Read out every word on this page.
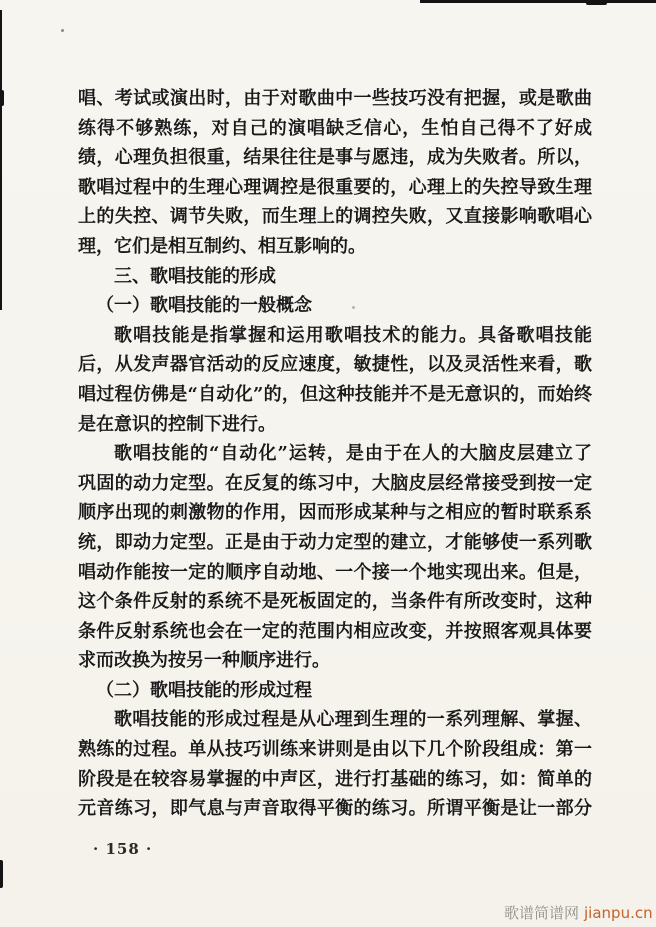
唱、考试或演出时，由于对歌曲中一些技巧没有把握，或是歌曲
练得不够熟练，对自己的演唱缺乏信心，生怕自己得不了好成
绩，心理负担很重，结果往往是事与愿违，成为失败者。所以，
歌唱过程中的生理心理调控是很重要的，心理上的失控导致生理
上的失控、调节失败，而生理上的调控失败，又直接影响歌唱心
理，它们是相互制约、相互影响的。
三、歌唱技能的形成
（一）歌唱技能的一般概念
歌唱技能是指掌握和运用歌唱技术的能力。具备歌唱技能
后，从发声器官活动的反应速度，敏捷性，以及灵活性来看，歌
唱过程仿佛是“自动化”的，但这种技能并不是无意识的，而始终
是在意识的控制下进行。
歌唱技能的“自动化”运转，是由于在人的大脑皮层建立了
巩固的动力定型。在反复的练习中，大脑皮层经常接受到按一定
顺序出现的刺激物的作用，因而形成某种与之相应的暂时联系系
统，即动力定型。正是由于动力定型的建立，才能够使一系列歌
唱动作能按一定的顺序自动地、一个接一个地实现出来。但是，
这个条件反射的系统不是死板固定的，当条件有所改变时，这种
条件反射系统也会在一定的范围内相应改变，并按照客观具体要
求而改换为按另一种顺序进行。
（二）歌唱技能的形成过程
歌唱技能的形成过程是从心理到生理的一系列理解、掌握、
熟练的过程。单从技巧训练来讲则是由以下几个阶段组成：第一
阶段是在较容易掌握的中声区，进行打基础的练习，如：简单的
元音练习，即气息与声音取得平衡的练习。所谓平衡是让一部分
· 158 ·
歌谱简谱网 jianpu.cn
